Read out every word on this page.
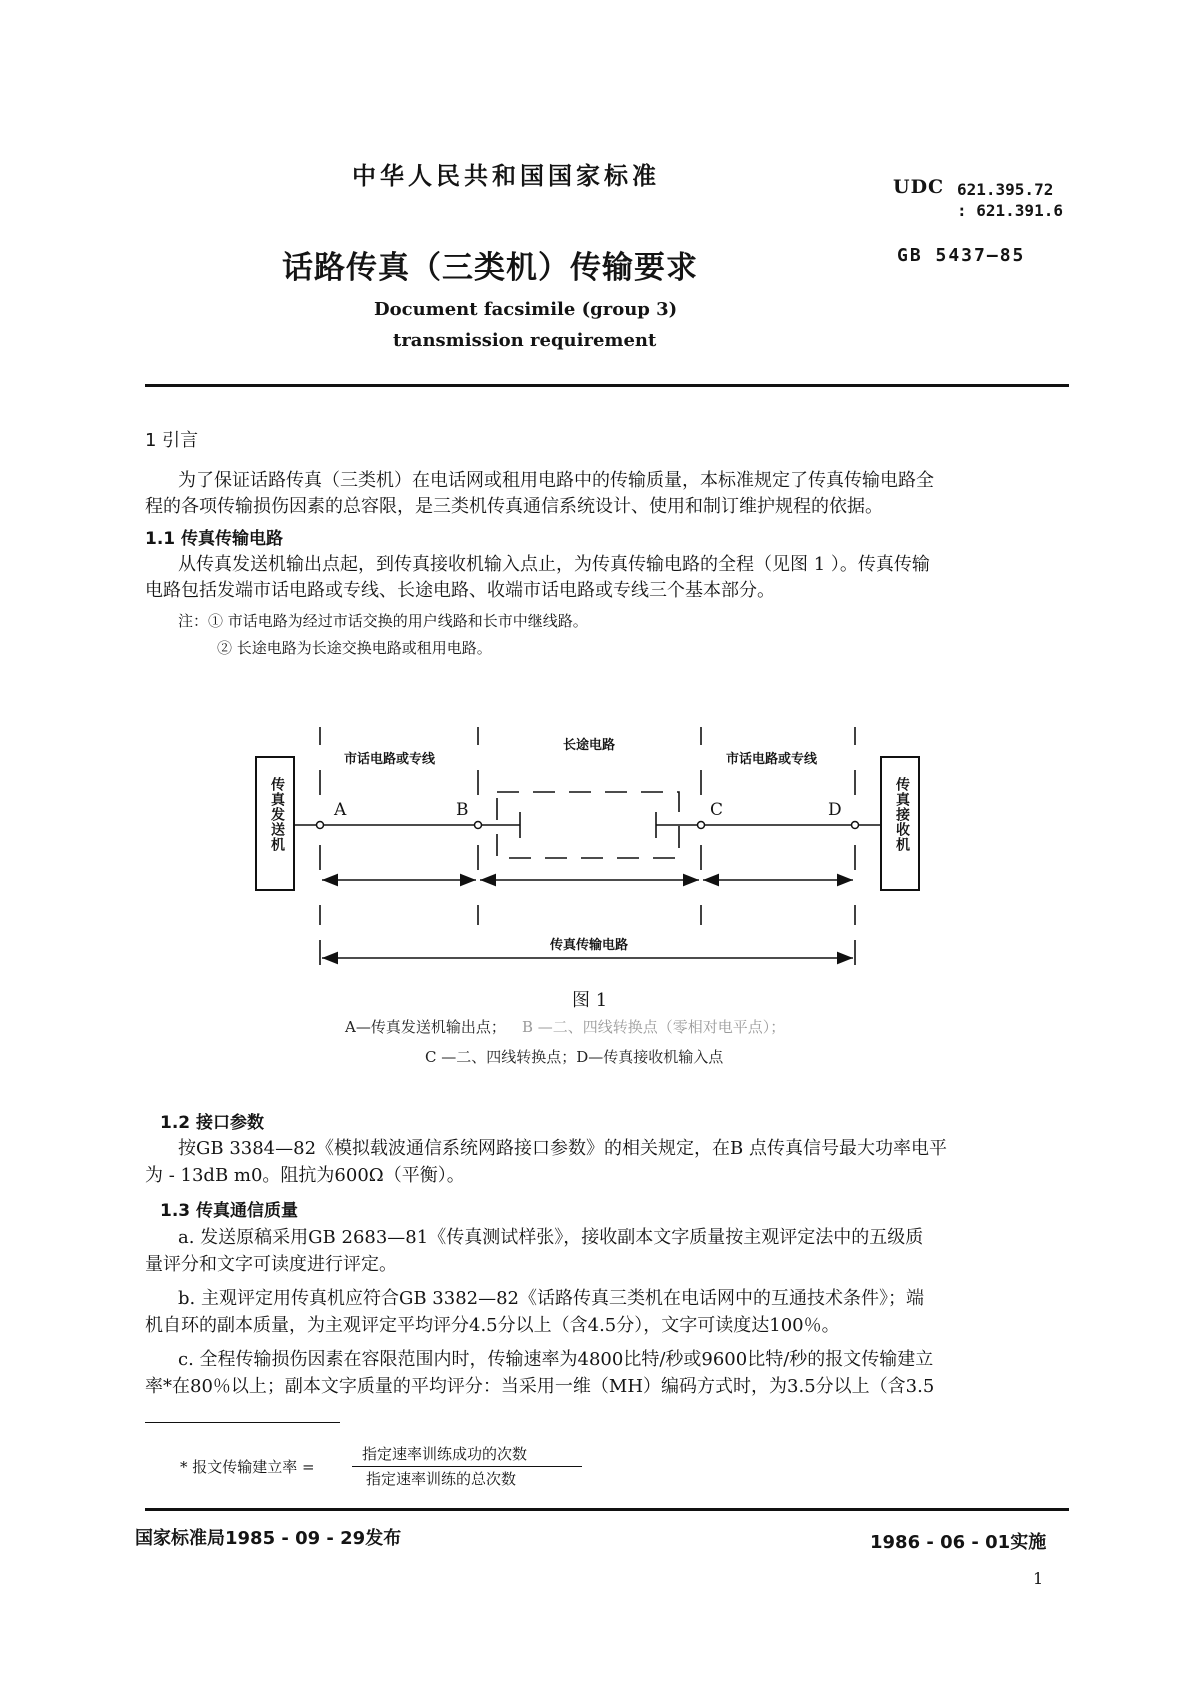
中华人民共和国国家标准	UDC 621.395.72
: 621.391.6
话路传真（三类机）传输要求	GB 5437—85
Document facsimile (group 3)
transmission requirement
1 引言
为了保证话路传真（三类机）在电话网或租用电路中的传输质量，本标准规定了传真传输电路全
程的各项传输损伤因素的总容限，是三类机传真通信系统设计、使用和制订维护规程的依据。
1.1 传真传输电路
从传真发送机输出点起，到传真接收机输入点止，为传真传输电路的全程（见图 1 ）。传真传输
电路包括发端市话电路或专线、长途电路、收端市话电路或专线三个基本部分。
注：① 市话电路为经过市话交换的用户线路和长市中继线路。
② 长途电路为长途交换电路或租用电路。
市话电路或专线
长途电路
市话电路或专线
A	B	C	D
传真发送机	传真接收机
传真传输电路
图 1
A—传真发送机输出点； B —二、四线转换点（零相对电平点）；
C —二、四线转换点；D—传真接收机输入点
1.2 接口参数
按GB 3384—82《模拟载波通信系统网路接口参数》的相关规定，在B 点传真信号最大功率电平
为 - 13dB m0。阻抗为600Ω（平衡）。
1.3 传真通信质量
a. 发送原稿采用GB 2683—81《传真测试样张》，接收副本文字质量按主观评定法中的五级质
量评分和文字可读度进行评定。
b. 主观评定用传真机应符合GB 3382—82《话路传真三类机在电话网中的互通技术条件》；端
机自环的副本质量，为主观评定平均评分4.5分以上（含4.5分），文字可读度达100％。
c. 全程传输损伤因素在容限范围内时，传输速率为4800比特/秒或9600比特/秒的报文传输建立
率*在80％以上；副本文字质量的平均评分：当采用一维（MH）编码方式时，为3.5分以上（含3.5
* 报文传输建立率 =
指定速率训练成功的次数
指定速率训练的总次数
国家标准局1985 - 09 - 29发布	1986 - 06 - 01实施
1
